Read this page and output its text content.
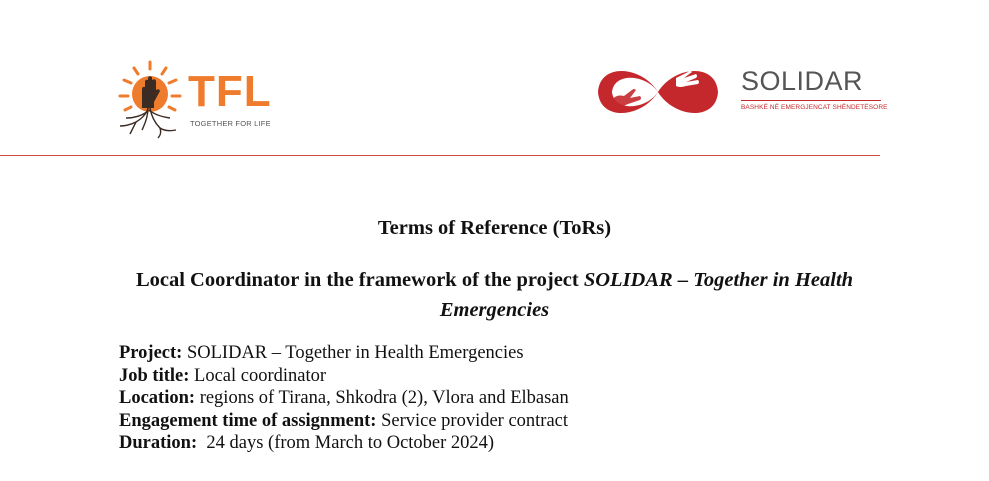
TFL
TOGETHER FOR LIFE
SOLIDAR
BASHKË NË EMERGJENCAT SHËNDETËSORE
Terms of Reference (ToRs)
Local Coordinator in the framework of the project SOLIDAR – Together in Health Emergencies
Project: SOLIDAR – Together in Health Emergencies
Job title: Local coordinator
Location: regions of Tirana, Shkodra (2), Vlora and Elbasan
Engagement time of assignment: Service provider contract
Duration:  24 days (from March to October 2024)
